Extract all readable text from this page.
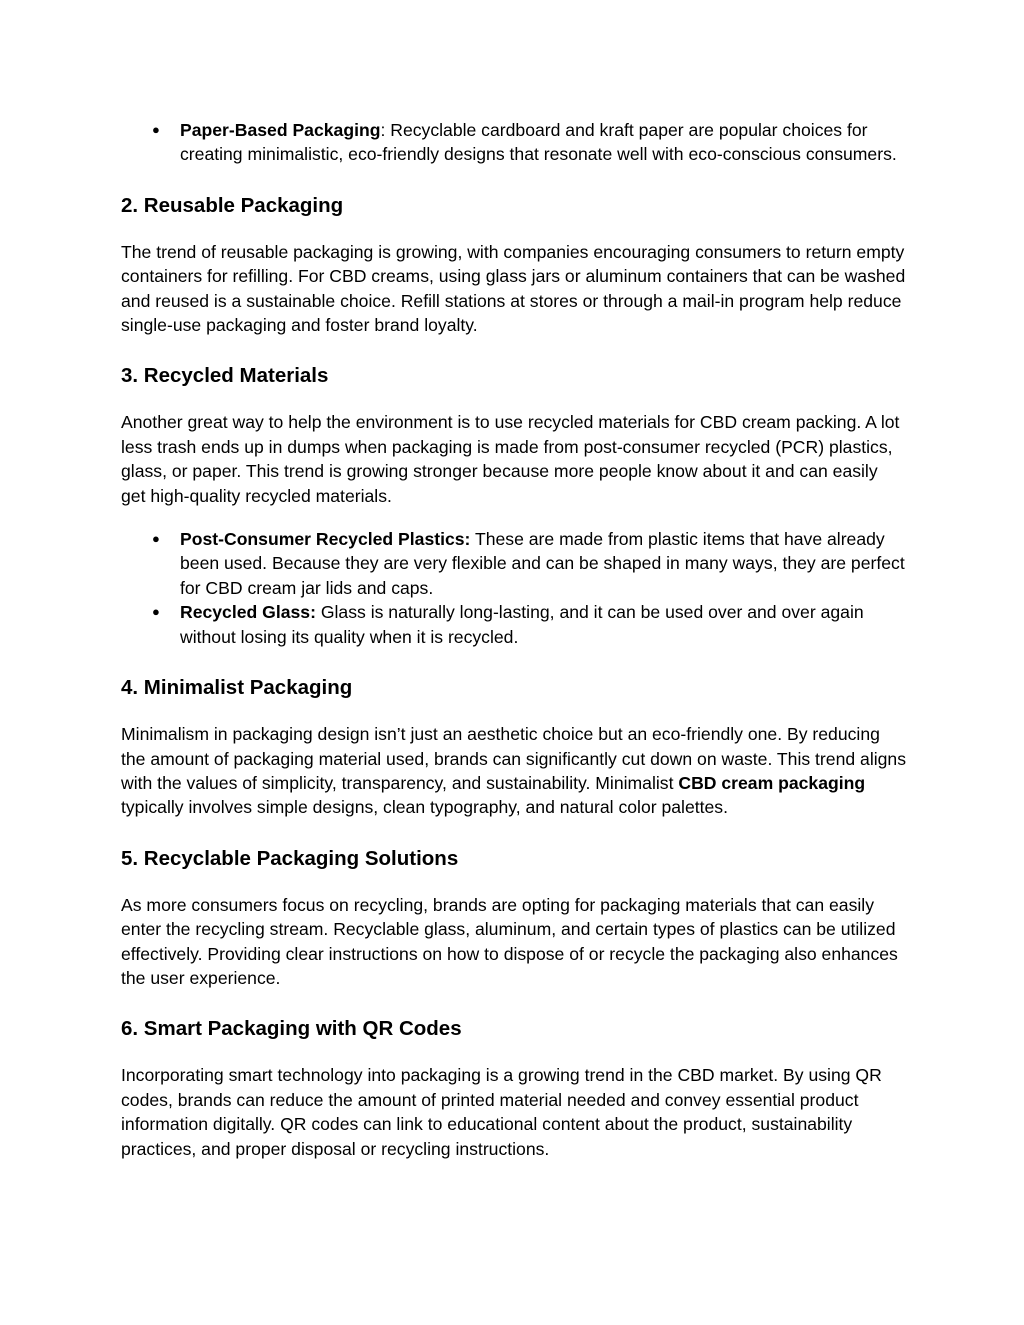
● Paper-Based Packaging: Recyclable cardboard and kraft paper are popular choices for creating minimalistic, eco-friendly designs that resonate well with eco-conscious consumers.
2. Reusable Packaging

The trend of reusable packaging is growing, with companies encouraging consumers to return empty containers for refilling. For CBD creams, using glass jars or aluminum containers that can be washed and reused is a sustainable choice. Refill stations at stores or through a mail-in program help reduce single-use packaging and foster brand loyalty.

3. Recycled Materials

Another great way to help the environment is to use recycled materials for CBD cream packing. A lot less trash ends up in dumps when packaging is made from post-consumer recycled (PCR) plastics, glass, or paper. This trend is growing stronger because more people know about it and can easily get high-quality recycled materials.

● Post-Consumer Recycled Plastics: These are made from plastic items that have already been used. Because they are very flexible and can be shaped in many ways, they are perfect for CBD cream jar lids and caps.
● Recycled Glass: Glass is naturally long-lasting, and it can be used over and over again without losing its quality when it is recycled.
4. Minimalist Packaging

Minimalism in packaging design isn’t just an aesthetic choice but an eco-friendly one. By reducing the amount of packaging material used, brands can significantly cut down on waste. This trend aligns with the values of simplicity, transparency, and sustainability. Minimalist CBD cream packaging typically involves simple designs, clean typography, and natural color palettes.

5. Recyclable Packaging Solutions

As more consumers focus on recycling, brands are opting for packaging materials that can easily enter the recycling stream. Recyclable glass, aluminum, and certain types of plastics can be utilized effectively. Providing clear instructions on how to dispose of or recycle the packaging also enhances the user experience.

6. Smart Packaging with QR Codes

Incorporating smart technology into packaging is a growing trend in the CBD market. By using QR codes, brands can reduce the amount of printed material needed and convey essential product information digitally. QR codes can link to educational content about the product, sustainability practices, and proper disposal or recycling instructions.
